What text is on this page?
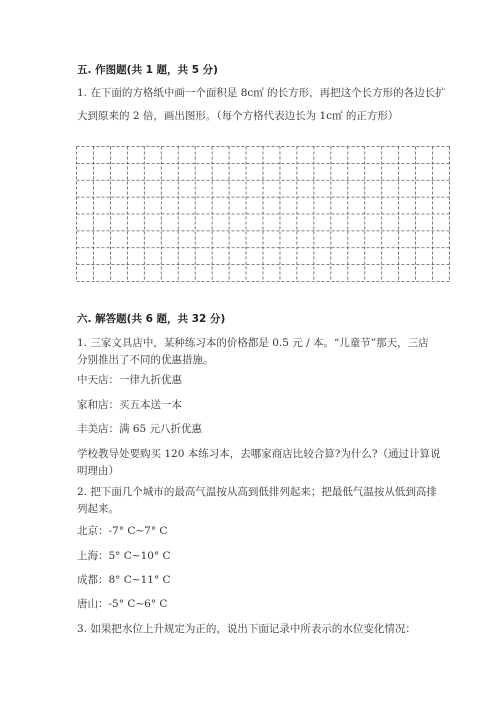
五. 作图题(共 1 题，共 5 分)
1. 在下面的方格纸中画一个面积是 8c㎡ 的长方形，再把这个长方形的各边长扩
大到原来的 2 倍，画出图形。（每个方格代表边长为 1c㎡ 的正方形）
六. 解答题(共 6 题，共 32 分)
1. 三家文具店中，某种练习本的价格都是 0.5 元 / 本。“儿童节”那天，三店
分别推出了不同的优惠措施。
中天店：一律九折优惠
家和店：买五本送一本
丰美店：满 65 元八折优惠
学校教导处要购买 120 本练习本，去哪家商店比较合算?为什么?（通过计算说
明理由）
2. 把下面几个城市的最高气温按从高到低排列起来；把最低气温按从低到高排
列起来。
北京：-7° C~7° C
上海：5° C~10° C
成都：8° C~11° C
唐山：-5° C~6° C
3. 如果把水位上升规定为正的，说出下面记录中所表示的水位变化情况：
